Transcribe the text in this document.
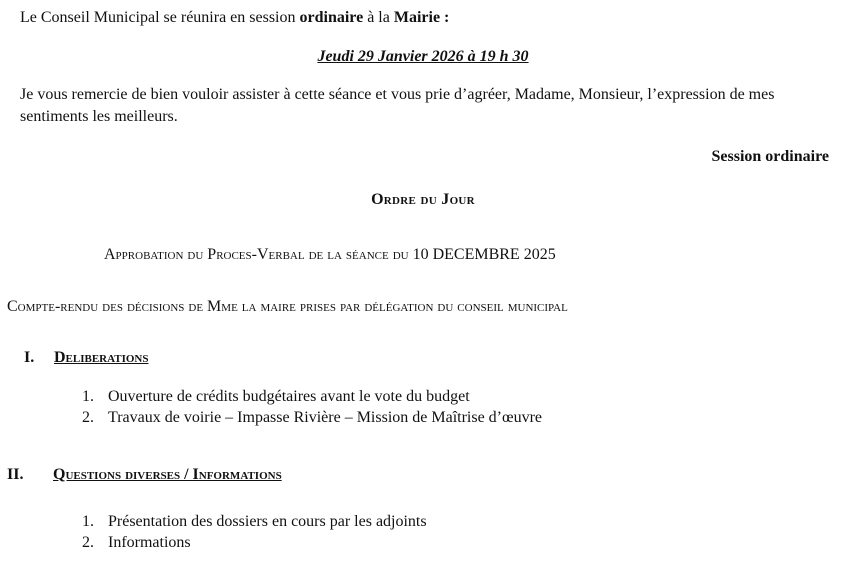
Le Conseil Municipal se réunira en session ordinaire à la Mairie :
Jeudi 29 Janvier 2026 à 19 h 30
Je vous remercie de bien vouloir assister à cette séance et vous prie d’agréer, Madame, Monsieur, l’expression de mes sentiments les meilleurs.
Session ordinaire
Ordre du Jour
Approbation du Proces-Verbal de la séance du 10 DECEMBRE 2025
Compte-rendu des décisions de Mme la maire prises par délégation du conseil municipal
I. Deliberations
1. Ouverture de crédits budgétaires avant le vote du budget
2. Travaux de voirie – Impasse Rivière – Mission de Maîtrise d’œuvre
II. Questions diverses / Informations
1. Présentation des dossiers en cours par les adjoints
2. Informations
